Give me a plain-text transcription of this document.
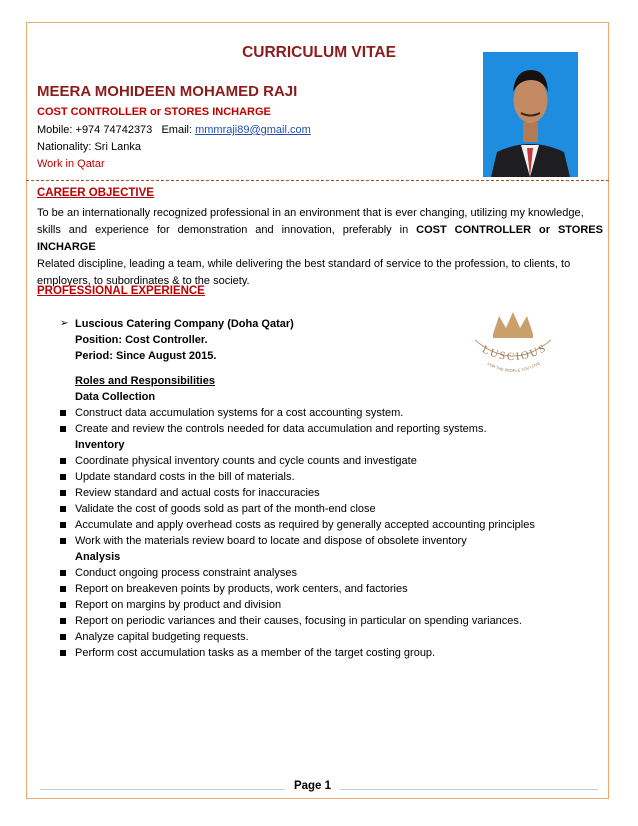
CURRICULUM VITAE
MEERA MOHIDEEN MOHAMED RAJI
COST CONTROLLER or STORES INCHARGE
Mobile: +974 74742373 Email: mmmraji89@gmail.com
Nationality: Sri Lanka
Work in Qatar
CAREER OBJECTIVE
To be an internationally recognized professional in an environment that is ever changing, utilizing my knowledge,
skills and experience for demonstration and innovation, preferably in COST CONTROLLER or STORES INCHARGE
Related discipline, leading a team, while delivering the best standard of service to the profession, to clients, to
employers, to subordinates & to the society.
PROFESSIONAL EXPERIENCE
➢ Luscious Catering Company (Doha Qatar)
Position: Cost Controller.
Period: Since August 2015.
Roles and Responsibilities
Data Collection
Construct data accumulation systems for a cost accounting system.
Create and review the controls needed for data accumulation and reporting systems.
Inventory
Coordinate physical inventory counts and cycle counts and investigate
Update standard costs in the bill of materials.
Review standard and actual costs for inaccuracies
Validate the cost of goods sold as part of the month-end close
Accumulate and apply overhead costs as required by generally accepted accounting principles
Work with the materials review board to locate and dispose of obsolete inventory
Analysis
Conduct ongoing process constraint analyses
Report on breakeven points by products, work centers, and factories
Report on margins by product and division
Report on periodic variances and their causes, focusing in particular on spending variances.
Analyze capital budgeting requests.
Perform cost accumulation tasks as a member of the target costing group.
LUSCIOUS
FOR THE PEOPLE YOU LOVE
Page 1
